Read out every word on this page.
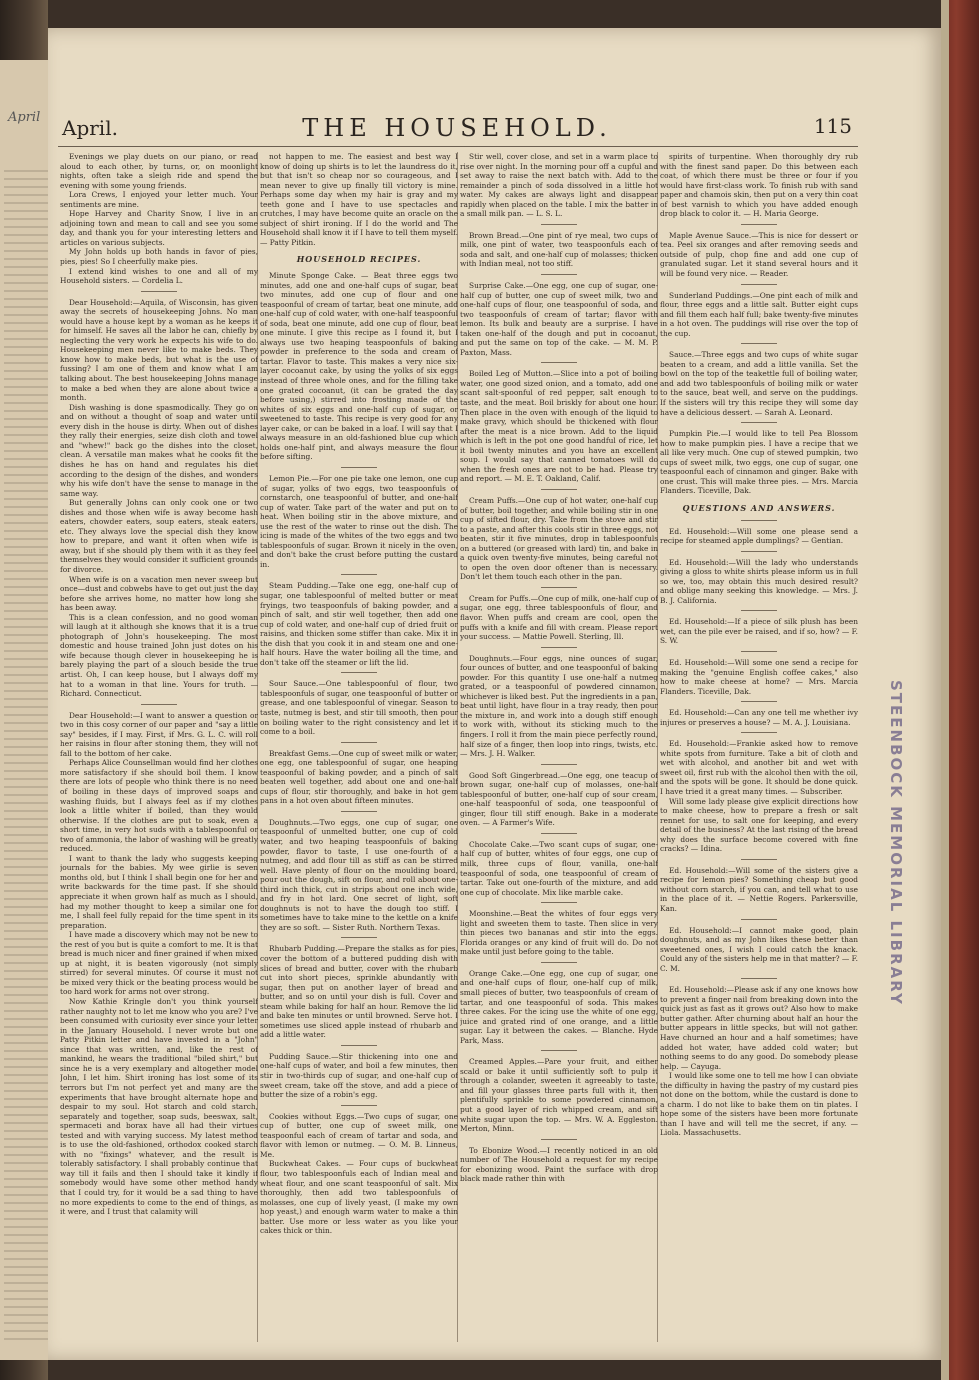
April
STEENBOCK MEMORIAL LIBRARY
April.	THE HOUSEHOLD.	115

Evenings we play duets on our piano, or read aloud to each other, by turns, or, on moonlight nights, often take a sleigh ride and spend the evening with some young friends.

Lora Crews, I enjoyed your letter much. Your sentiments are mine.

Hope Harvey and Charity Snow, I live in an adjoining town and mean to call and see you some day, and thank you for your interesting letters and articles on various subjects.

My John holds up both hands in favor of pies, pies, pies! So I cheerfully make pies.

I extend kind wishes to one and all of my Household sisters. — Cordelia L.

Dear Household:—Aquila, of Wisconsin, has given away the secrets of housekeeping Johns. No man would have a house kept by a woman as he keeps it for himself. He saves all the labor he can, chiefly by neglecting the very work he expects his wife to do. Housekeeping men never like to make beds. They know how to make beds, but what is the use of fussing? I am one of them and know what I am talking about. The best housekeeping Johns manage to make a bed when they are alone about twice a month.

Dish washing is done spasmodically. They go on and on without a thought of soap and water until every dish in the house is dirty. When out of dishes they rally their energies, seize dish cloth and towel and "whew!" back go the dishes into the closet, clean. A versatile man makes what he cooks fit the dishes he has on hand and regulates his diet according to the design of the dishes, and wonders why his wife don't have the sense to manage in the same way.

But generally Johns can only cook one or two dishes and those when wife is away become hash eaters, chowder eaters, soup eaters, steak eaters, etc. They always love the special dish they know how to prepare, and want it often when wife is away, but if she should ply them with it as they feel themselves they would consider it sufficient grounds for divorce.

When wife is on a vacation men never sweep but once—dust and cobwebs have to get out just the day before she arrives home, no matter how long she has been away.

This is a clean confession, and no good woman will laugh at it although she knows that it is a true photograph of John's housekeeping. The most domestic and house trained John just dotes on his wife because though clever in housekeeping he is barely playing the part of a slouch beside the true artist. Oh, I can keep house, but I always doff my hat to a woman in that line. Yours for truth. — Richard. Connecticut.

Dear Household:—I want to answer a question or two in this cosy corner of our paper and "say a little say" besides, if I may. First, if Mrs. G. L. C. will roll her raisins in flour after stoning them, they will not fall to the bottom of her cake.

Perhaps Alice Counsellman would find her clothes more satisfactory if she should boil them. I know there are lots of people who think there is no need of boiling in these days of improved soaps and washing fluids, but I always feel as if my clothes look a little whiter if boiled, than they would otherwise. If the clothes are put to soak, even a short time, in very hot suds with a tablespoonful or two of ammonia, the labor of washing will be greatly reduced.

I want to thank the lady who suggests keeping journals for the babies. My wee girlie is seven months old, but I think I shall begin one for her and write backwards for the time past. If she should appreciate it when grown half as much as I should, had my mother thought to keep a similar one for me, I shall feel fully repaid for the time spent in its preparation.

I have made a discovery which may not be new to the rest of you but is quite a comfort to me. It is that bread is much nicer and finer grained if when mixed up at night, it is beaten vigorously (not simply stirred) for several minutes. Of course it must not be mixed very thick or the beating process would be too hard work for arms not over strong.

Now Kathie Kringle don't you think yourself rather naughty not to let me know who you are? I've been consumed with curiosity ever since your letter in the January Household. I never wrote but one Patty Pitkin letter and have invested in a "John" since that was written, and, like the rest of mankind, he wears the traditional "biled shirt," but since he is a very exemplary and altogether model John, I let him. Shirt ironing has lost some of its terrors but I'm not perfect yet and many are the experiments that have brought alternate hope and despair to my soul. Hot starch and cold starch, separately and together, soap suds, beeswax, salt, spermaceti and borax have all had their virtues tested and with varying success. My latest method is to use the old-fashioned, orthodox cooked starch with no "fixings" whatever, and the result is tolerably satisfactory. I shall probably continue that way till it fails and then I should take it kindly if somebody would have some other method handy that I could try, for it would be a sad thing to have no more expedients to come to the end of things, as it were, and I trust that calamity will

not happen to me. The easiest and best way I know of doing up shirts is to let the laundress do it, but that isn't so cheap nor so courageous, and I mean never to give up finally till victory is mine. Perhaps some day when my hair is gray and my teeth gone and I have to use spectacles and crutches, I may have become quite an oracle on the subject of shirt ironing. If I do the world and The Household shall know it if I have to tell them myself. — Patty Pitkin.

HOUSEHOLD RECIPES.

Minute Sponge Cake. — Beat three eggs two minutes, add one and one-half cups of sugar, beat two minutes, add one cup of flour and one teaspoonful of cream of tartar, beat one minute, add one-half cup of cold water, with one-half teaspoonful of soda, beat one minute, add one cup of flour, beat one minute. I give this recipe as I found it, but I always use two heaping teaspoonfuls of baking powder in preference to the soda and cream of tartar. Flavor to taste. This makes a very nice six-layer cocoanut cake, by using the yolks of six eggs instead of three whole ones, and for the filling take one grated cocoanut, (it can be grated the day before using,) stirred into frosting made of the whites of six eggs and one-half cup of sugar, or sweetened to taste. This recipe is very good for any layer cake, or can be baked in a loaf. I will say that I always measure in an old-fashioned blue cup which holds one-half pint, and always measure the flour before sifting.

Lemon Pie.—For one pie take one lemon, one cup of sugar, yolks of two eggs, two teaspoonfuls of cornstarch, one teaspoonful of butter, and one-half cup of water. Take part of the water and put on to heat. When boiling stir in the above mixture, and use the rest of the water to rinse out the dish. The icing is made of the whites of the two eggs and two tablespoonfuls of sugar. Brown it nicely in the oven, and don't bake the crust before putting the custard in.

Steam Pudding.—Take one egg, one-half cup of sugar, one tablespoonful of melted butter or meat fryings, two teaspoonfuls of baking powder, and a pinch of salt, and stir well together, then add one cup of cold water, and one-half cup of dried fruit or raisins, and thicken some stiffer than cake. Mix it in the dish that you cook it in and steam one and one-half hours. Have the water boiling all the time, and don't take off the steamer or lift the lid.

Sour Sauce.—One tablespoonful of flour, two tablespoonfuls of sugar, one teaspoonful of butter or grease, and one tablespoonful of vinegar. Season to taste, nutmeg is best, and stir till smooth, then pour on boiling water to the right consistency and let it come to a boil.

Breakfast Gems.—One cup of sweet milk or water, one egg, one tablespoonful of sugar, one heaping teaspoonful of baking powder, and a pinch of salt beaten well together, add about one and one-half cups of flour, stir thoroughly, and bake in hot gem pans in a hot oven about fifteen minutes.

Doughnuts.—Two eggs, one cup of sugar, one teaspoonful of unmelted butter, one cup of cold water, and two heaping teaspoonfuls of baking powder, flavor to taste, I use one-fourth of a nutmeg, and add flour till as stiff as can be stirred well. Have plenty of flour on the moulding board, pour out the dough, sift on flour, and roll about one-third inch thick, cut in strips about one inch wide, and fry in hot lard. One secret of light, soft doughnuts is not to have the dough too stiff. I sometimes have to take mine to the kettle on a knife they are so soft. — Sister Ruth. Northern Texas.

Rhubarb Pudding.—Prepare the stalks as for pies, cover the bottom of a buttered pudding dish with slices of bread and butter, cover with the rhubarb cut into short pieces, sprinkle abundantly with sugar, then put on another layer of bread and butter, and so on until your dish is full. Cover and steam while baking for half an hour. Remove the lid and bake ten minutes or until browned. Serve hot. I sometimes use sliced apple instead of rhubarb and add a little water.

Pudding Sauce.—Stir thickening into one and one-half cups of water, and boil a few minutes, then stir in two-thirds cup of sugar, and one-half cup of sweet cream, take off the stove, and add a piece of butter the size of a robin's egg.

Cookies without Eggs.—Two cups of sugar, one cup of butter, one cup of sweet milk, one teaspoonful each of cream of tartar and soda, and flavor with lemon or nutmeg. — O. M. B. Linneus, Me.

Buckwheat Cakes. — Four cups of buckwheat flour, two tablespoonfuls each of Indian meal and wheat flour, and one scant teaspoonful of salt. Mix thoroughly, then add two tablespoonfuls of molasses, one cup of lively yeast, (I make my own hop yeast,) and enough warm water to make a thin batter. Use more or less water as you like your cakes thick or thin.

Stir well, cover close, and set in a warm place to rise over night. In the morning pour off a cupful and set away to raise the next batch with. Add to the remainder a pinch of soda dissolved in a little hot water. My cakes are always light and disappear rapidly when placed on the table. I mix the batter in a small milk pan. — L. S. L.

Brown Bread.—One pint of rye meal, two cups of milk, one pint of water, two teaspoonfuls each of soda and salt, and one-half cup of molasses; thicken with Indian meal, not too stiff.

Surprise Cake.—One egg, one cup of sugar, one-half cup of butter, one cup of sweet milk, two and one-half cups of flour, one teaspoonful of soda, and two teaspoonfuls of cream of tartar; flavor with lemon. Its bulk and beauty are a surprise. I have taken one-half of the dough and put in cocoanut, and put the same on top of the cake. — M. M. P. Paxton, Mass.

Boiled Leg of Mutton.—Slice into a pot of boiling water, one good sized onion, and a tomato, add one scant salt-spoonful of red pepper, salt enough to taste, and the meat. Boil briskly for about one hour. Then place in the oven with enough of the liquid to make gravy, which should be thickened with flour after the meat is a nice brown. Add to the liquid which is left in the pot one good handful of rice, let it boil twenty minutes and you have an excellent soup. I would say that canned tomatoes will do when the fresh ones are not to be had. Please try and report. — M. E. T. Oakland, Calif.

Cream Puffs.—One cup of hot water, one-half cup of butter, boil together, and while boiling stir in one cup of sifted flour, dry. Take from the stove and stir to a paste, and after this cools stir in three eggs, not beaten, stir it five minutes, drop in tablespoonfuls on a buttered (or greased with lard) tin, and bake in a quick oven twenty-five minutes, being careful not to open the oven door oftener than is necessary. Don't let them touch each other in the pan.

Cream for Puffs.—One cup of milk, one-half cup of sugar, one egg, three tablespoonfuls of flour, and flavor. When puffs and cream are cool, open the puffs with a knife and fill with cream. Please report your success. — Mattie Powell. Sterling, Ill.

Doughnuts.—Four eggs, nine ounces of sugar, four ounces of butter, and one teaspoonful of baking powder. For this quantity I use one-half a nutmeg grated, or a teaspoonful of powdered cinnamon, whichever is liked best. Put the ingredients in a pan, beat until light, have flour in a tray ready, then pour the mixture in, and work into a dough stiff enough to work with, without its sticking much to the fingers. I roll it from the main piece perfectly round, half size of a finger, then loop into rings, twists, etc. — Mrs. J. H. Walker.

Good Soft Gingerbread.—One egg, one teacup of brown sugar, one-half cup of molasses, one-half tablespoonful of butter, one-half cup of sour cream, one-half teaspoonful of soda, one teaspoonful of ginger, flour till stiff enough. Bake in a moderate oven. — A Farmer's Wife.

Chocolate Cake.—Two scant cups of sugar, one-half cup of butter, whites of four eggs, one cup of milk, three cups of flour, vanilla, one-half teaspoonful of soda, one teaspoonful of cream of tartar. Take out one-fourth of the mixture, and add one cup of chocolate. Mix like marble cake.

Moonshine.—Beat the whites of four eggs very light and sweeten them to taste. Then slice in very thin pieces two bananas and stir into the eggs. Florida oranges or any kind of fruit will do. Do not make until just before going to the table.

Orange Cake.—One egg, one cup of sugar, one and one-half cups of flour, one-half cup of milk, small pieces of butter, two teaspoonfuls of cream of tartar, and one teaspoonful of soda. This makes three cakes. For the icing use the white of one egg, juice and grated rind of one orange, and a little sugar. Lay it between the cakes. — Blanche. Hyde Park, Mass.

Creamed Apples.—Pare your fruit, and either scald or bake it until sufficiently soft to pulp it through a colander, sweeten it agreeably to taste, and fill your glasses three parts full with it, then plentifully sprinkle to some powdered cinnamon, put a good layer of rich whipped cream, and sift white sugar upon the top. — Mrs. W. A. Eggleston. Merton, Minn.

To Ebonize Wood.—I recently noticed in an old number of The Household a request for my recipe for ebonizing wood. Paint the surface with drop black made rather thin with

spirits of turpentine. When thoroughly dry rub with the finest sand paper. Do this between each coat, of which there must be three or four if you would have first-class work. To finish rub with sand paper and chamois skin, then put on a very thin coat of best varnish to which you have added enough drop black to color it. — H. Maria George.

Maple Avenue Sauce.—This is nice for dessert or tea. Peel six oranges and after removing seeds and outside of pulp, chop fine and add one cup of granulated sugar. Let it stand several hours and it will be found very nice. — Reader.

Sunderland Puddings.—One pint each of milk and flour, three eggs and a little salt. Butter eight cups and fill them each half full; bake twenty-five minutes in a hot oven. The puddings will rise over the top of the cup.

Sauce.—Three eggs and two cups of white sugar beaten to a cream, and add a little vanilla. Set the bowl on the top of the teakettle full of boiling water, and add two tablespoonfuls of boiling milk or water to the sauce, beat well, and serve on the puddings. If the sisters will try this recipe they will some day have a delicious dessert. — Sarah A. Leonard.

Pumpkin Pie.—I would like to tell Pea Blossom how to make pumpkin pies. I have a recipe that we all like very much. One cup of stewed pumpkin, two cups of sweet milk, two eggs, one cup of sugar, one teaspoonful each of cinnamon and ginger. Bake with one crust. This will make three pies. — Mrs. Marcia Flanders. Ticeville, Dak.

QUESTIONS AND ANSWERS.

Ed. Household:—Will some one please send a recipe for steamed apple dumplings? — Gentian.

Ed. Household:—Will the lady who understands giving a gloss to white shirts please inform us in full so we, too, may obtain this much desired result? and oblige many seeking this knowledge. — Mrs. J. B. J. California.

Ed. Household:—If a piece of silk plush has been wet, can the pile ever be raised, and if so, how? — F. S. W.

Ed. Household:—Will some one send a recipe for making the "genuine English coffee cakes," also how to make cheese at home? — Mrs. Marcia Flanders. Ticeville, Dak.

Ed. Household:—Can any one tell me whether ivy injures or preserves a house? — M. A. J. Louisiana.

Ed. Household:—Frankie asked how to remove white spots from furniture. Take a bit of cloth and wet with alcohol, and another bit and wet with sweet oil, first rub with the alcohol then with the oil, and the spots will be gone. It should be done quick. I have tried it a great many times. — Subscriber.

Will some lady please give explicit directions how to make cheese, how to prepare a fresh or salt rennet for use, to salt one for keeping, and every detail of the business? At the last rising of the bread why does the surface become covered with fine cracks? — Idina.

Ed. Household:—Will some of the sisters give a recipe for lemon pies? Something cheap but good without corn starch, if you can, and tell what to use in the place of it. — Nettie Rogers. Parkersville, Kan.

Ed. Household:—I cannot make good, plain doughnuts, and as my John likes these better than sweetened ones, I wish I could catch the knack. Could any of the sisters help me in that matter? — F. C. M.

Ed. Household:—Please ask if any one knows how to prevent a finger nail from breaking down into the quick just as fast as it grows out? Also how to make butter gather. After churning about half an hour the butter appears in little specks, but will not gather. Have churned an hour and a half sometimes; have added hot water, have added cold water; but nothing seems to do any good. Do somebody please help. — Cayuga.

I would like some one to tell me how I can obviate the difficulty in having the pastry of my custard pies not done on the bottom, while the custard is done to a charm. I do not like to bake them on tin plates. I hope some of the sisters have been more fortunate than I have and will tell me the secret, if any. — Liola. Massachusetts.
